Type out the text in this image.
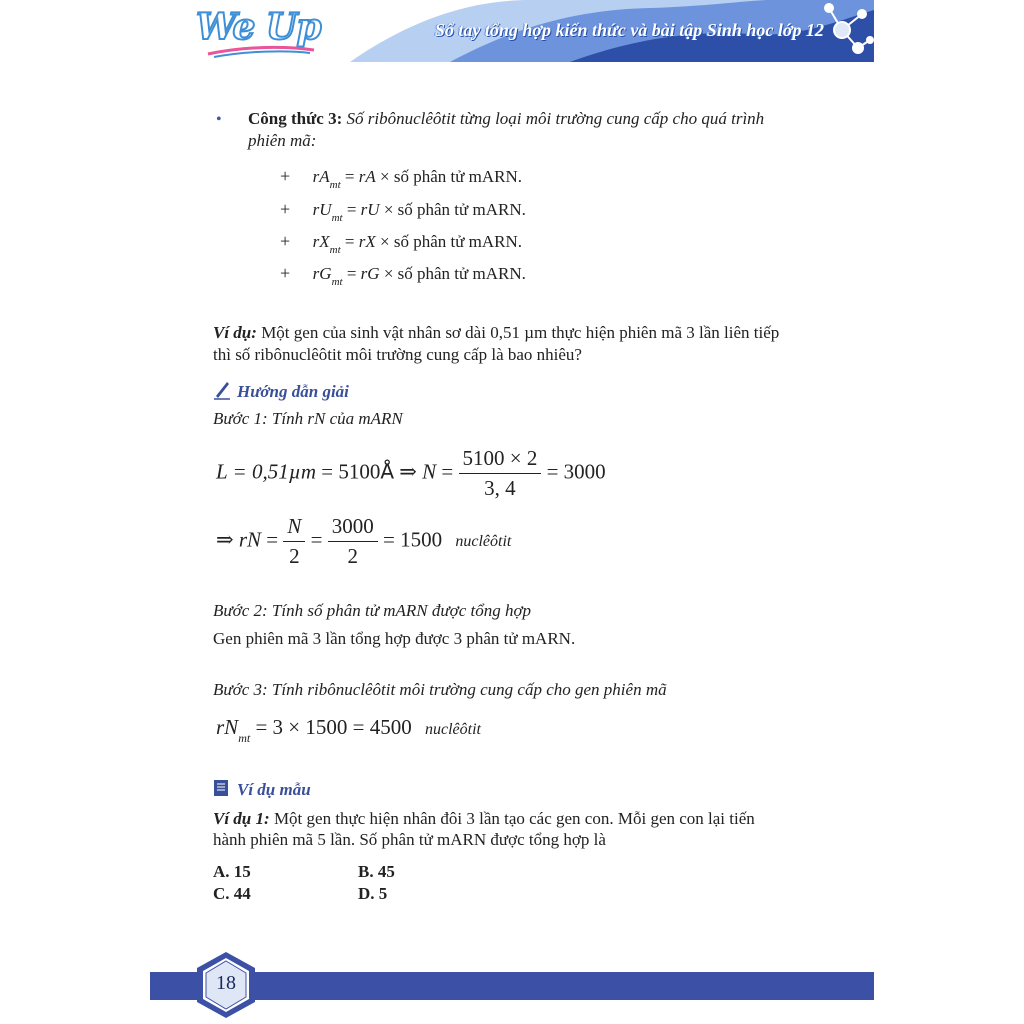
We Up	Sổ tay tổng hợp kiến thức và bài tập Sinh học lớp 12
• Công thức 3: Số ribônuclêôtit từng loại môi trường cung cấp cho quá trình
phiên mã:
+ $rA_{mt}$ = rA × số phân tử mARN.
+ $rU_{mt}$ = rU × số phân tử mARN.
+ $rX_{mt}$ = rX × số phân tử mARN.
+ $rG_{mt}$ = rG × số phân tử mARN.
Ví dụ: Một gen của sinh vật nhân sơ dài 0,51 µm thực hiện phiên mã 3 lần liên tiếp
thì số ribônuclêôtit môi trường cung cấp là bao nhiêu?
Hướng dẫn giải
Bước 1: Tính rN của mARN
L = 0,51µm = 5100Å ⇒ $N = \frac{5100 \times 2}{3, 4} = 3000$
⇒ rN = $\frac{N}{2} = \frac{3000}{2} = 1500$ nuclêôtit
Bước 2: Tính số phân tử mARN được tổng hợp
Gen phiên mã 3 lần tổng hợp được 3 phân tử mARN.
Bước 3: Tính ribônuclêôtit môi trường cung cấp cho gen phiên mã
$rN_{mt} = 3 \times 1500 = 4500$ nuclêôtit
Ví dụ mẫu
Ví dụ 1: Một gen thực hiện nhân đôi 3 lần tạo các gen con. Mỗi gen con lại tiến
hành phiên mã 5 lần. Số phân tử mARN được tổng hợp là
A. 15	B. 45
C. 44	D. 5
18
